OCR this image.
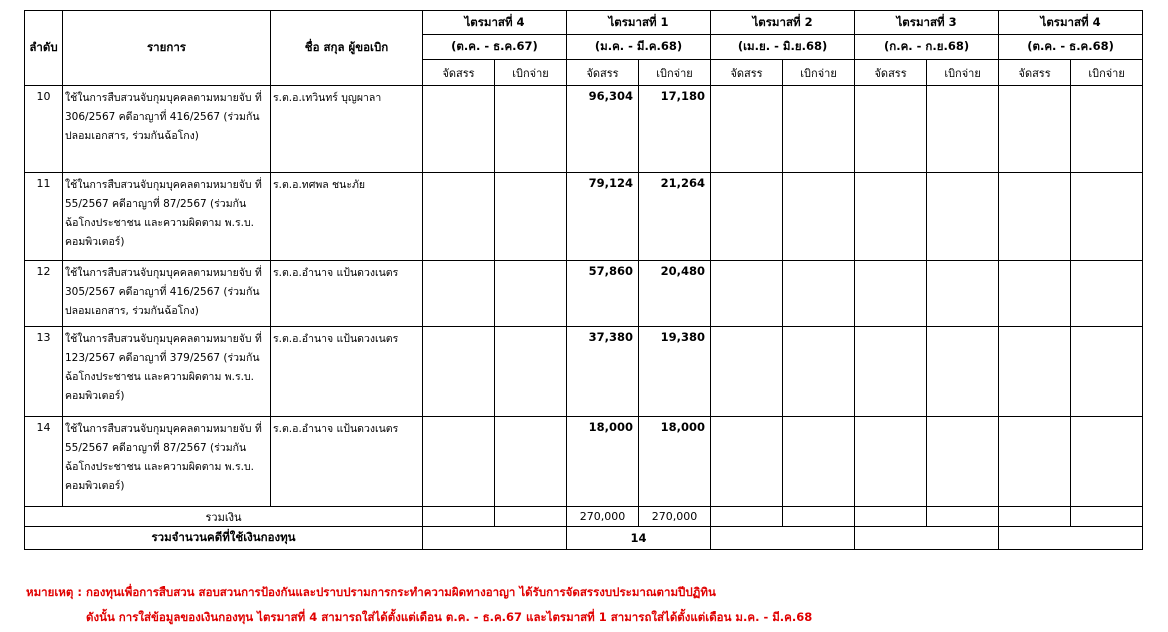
ลำดับ	รายการ	ชื่อ สกุล ผู้ขอเบิก	ไตรมาสที่ 4		ไตรมาสที่ 1		ไตรมาสที่ 2		ไตรมาสที่ 3		ไตรมาสที่ 4	
			(ต.ค. - ธ.ค.67)		(ม.ค. - มี.ค.68)		(เม.ย. - มิ.ย.68)		(ก.ค. - ก.ย.68)		(ต.ค. - ธ.ค.68)	
			จัดสรร	เบิกจ่าย	จัดสรร	เบิกจ่าย	จัดสรร	เบิกจ่าย	จัดสรร	เบิกจ่าย	จัดสรร	เบิกจ่าย
10	ใช้ในการสืบสวนจับกุมบุคคลตามหมายจับ ที่
306/2567 คดีอาญาที่ 416/2567 (ร่วมกัน
ปลอมเอกสาร, ร่วมกันฉ้อโกง)	ร.ต.อ.เทวินทร์ บุญผาลา			96,304	17,180						
11	ใช้ในการสืบสวนจับกุมบุคคลตามหมายจับ ที่
55/2567 คดีอาญาที่ 87/2567 (ร่วมกัน
ฉ้อโกงประชาชน และความผิดตาม พ.ร.บ.
คอมพิวเตอร์)	ร.ต.อ.ทศพล ชนะภัย			79,124	21,264						
12	ใช้ในการสืบสวนจับกุมบุคคลตามหมายจับ ที่
305/2567 คดีอาญาที่ 416/2567 (ร่วมกัน
ปลอมเอกสาร, ร่วมกันฉ้อโกง)	ร.ต.อ.อำนาจ แป้นดวงเนตร			57,860	20,480						
13	ใช้ในการสืบสวนจับกุมบุคคลตามหมายจับ ที่
123/2567 คดีอาญาที่ 379/2567 (ร่วมกัน
ฉ้อโกงประชาชน และความผิดตาม พ.ร.บ.
คอมพิวเตอร์)	ร.ต.อ.อำนาจ แป้นดวงเนตร			37,380	19,380						
14	ใช้ในการสืบสวนจับกุมบุคคลตามหมายจับ ที่
55/2567 คดีอาญาที่ 87/2567 (ร่วมกัน
ฉ้อโกงประชาชน และความผิดตาม พ.ร.บ.
คอมพิวเตอร์)	ร.ต.อ.อำนาจ แป้นดวงเนตร			18,000	18,000						
รวมเงิน					270,000	270,000						
รวมจำนวนคดีที่ใช้เงินกองทุน					14							
หมายเหตุ : กองทุนเพื่อการสืบสวน สอบสวนการป้องกันและปราบปรามการกระทำความผิดทางอาญา ได้รับการจัดสรรงบประมาณตามปีปฏิทิน
ดังนั้น การใส่ข้อมูลของเงินกองทุน ไตรมาสที่ 4 สามารถใส่ได้ตั้งแต่เดือน ต.ค. - ธ.ค.67 และไตรมาสที่ 1 สามารถใส่ได้ตั้งแต่เดือน ม.ค. - มี.ค.68
